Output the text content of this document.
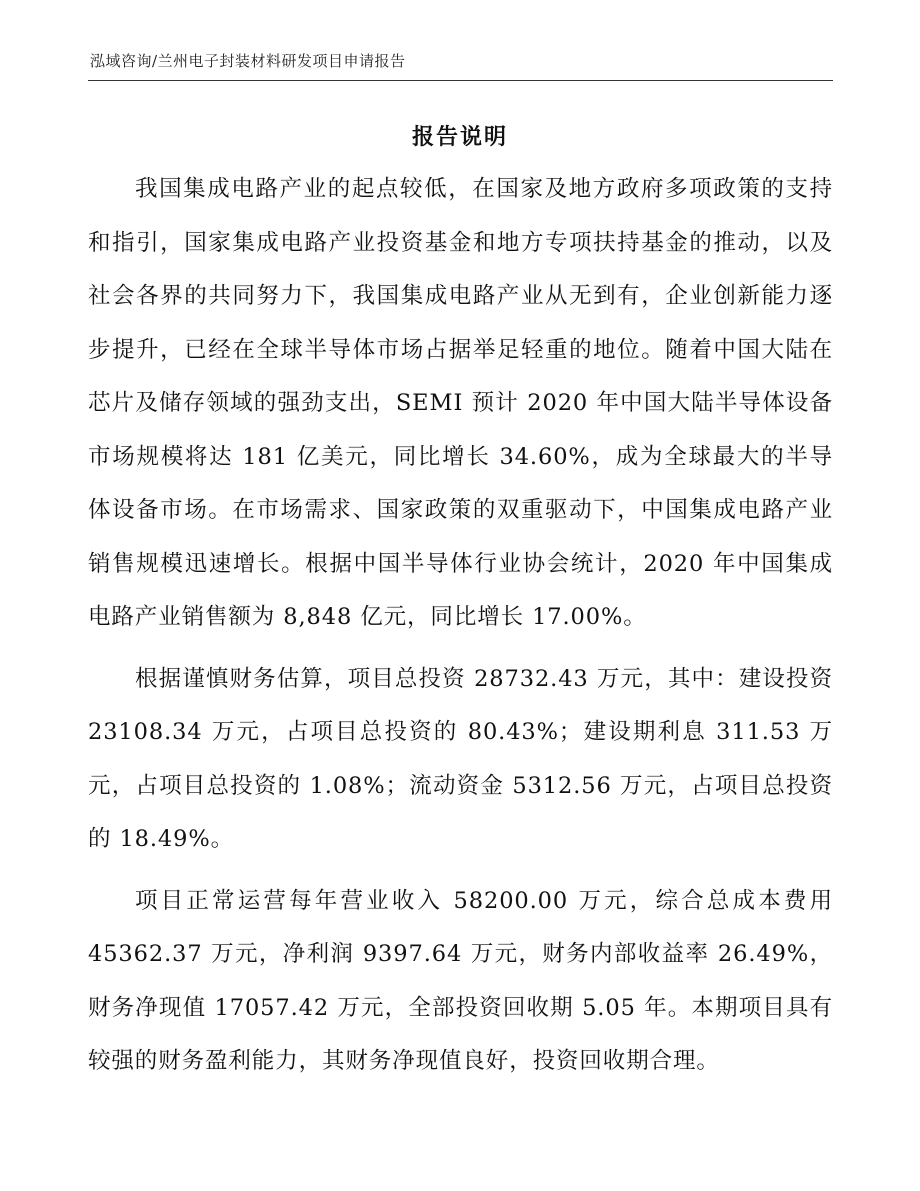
泓域咨询/兰州电子封装材料研发项目申请报告
报告说明

我国集成电路产业的起点较低，在国家及地方政府多项政策的支持和指引，国家集成电路产业投资基金和地方专项扶持基金的推动，以及社会各界的共同努力下，我国集成电路产业从无到有，企业创新能力逐步提升，已经在全球半导体市场占据举足轻重的地位。随着中国大陆在芯片及储存领域的强劲支出，SEMI 预计 2020 年中国大陆半导体设备市场规模将达 181 亿美元，同比增长 34.60%，成为全球最大的半导体设备市场。在市场需求、国家政策的双重驱动下，中国集成电路产业销售规模迅速增长。根据中国半导体行业协会统计，2020 年中国集成电路产业销售额为 8,848 亿元，同比增长 17.00%。

根据谨慎财务估算，项目总投资 28732.43 万元，其中：建设投资 23108.34 万元，占项目总投资的 80.43%；建设期利息 311.53 万元，占项目总投资的 1.08%；流动资金 5312.56 万元，占项目总投资的 18.49%。

项目正常运营每年营业收入 58200.00 万元，综合总成本费用 45362.37 万元，净利润 9397.64 万元，财务内部收益率 26.49%，财务净现值 17057.42 万元，全部投资回收期 5.05 年。本期项目具有较强的财务盈利能力，其财务净现值良好，投资回收期合理。
